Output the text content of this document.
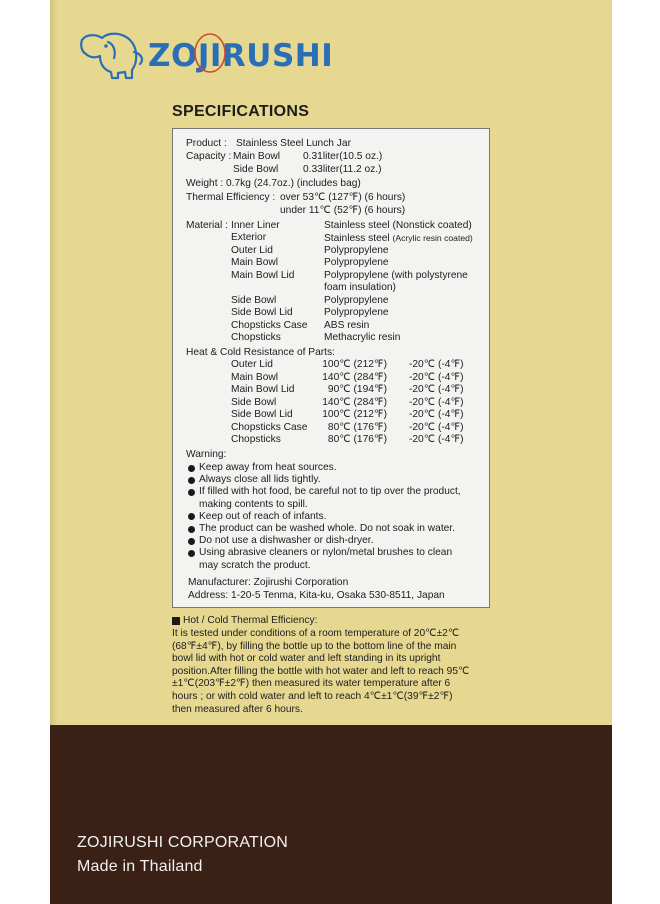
ZOJIRUSHI
SPECIFICATIONS
Product : Stainless Steel Lunch Jar
Capacity : Main Bowl 0.31liter(10.5 oz.)
Side Bowl 0.33liter(11.2 oz.)
Weight : 0.7kg (24.7oz.) (includes bag)
Thermal Efficiency : over 53℃ (127℉) (6 hours)
under 11℃ (52℉) (6 hours)
Material :
Heat & Cold Resistance of Parts:
Warning:
Manufacturer: Zojirushi Corporation
Address: 1-20-5 Tenma, Kita-ku, Osaka 530-8511, Japan
Hot / Cold Thermal Efficiency:
ZOJIRUSHI CORPORATION
Made in Thailand
Inner Liner	Stainless steel (Nonstick coated)
Exterior	Stainless steel (Acrylic resin coated)
Outer Lid	Polypropylene
Main Bowl	Polypropylene
Main Bowl Lid	Polypropylene (with polystyrene
foam insulation)
Side Bowl	Polypropylene
Side Bowl Lid	Polypropylene
Chopsticks Case ABS resin
Chopsticks	Methacrylic resin
Outer Lid	100℃ (212℉) -20℃ (-4℉)
Main Bowl	140℃ (284℉) -20℃ (-4℉)
Main Bowl Lid	90℃ (194℉) -20℃ (-4℉)
Side Bowl	140℃ (284℉) -20℃ (-4℉)
Side Bowl Lid	100℃ (212℉) -20℃ (-4℉)
Chopsticks Case	80℃ (176℉) -20℃ (-4℉)
Chopsticks	80℃ (176℉) -20℃ (-4℉)
Keep away from heat sources.
Always close all lids tightly.
If filled with hot food, be careful not to tip over the product,
making contents to spill.
Keep out of reach of infants.
The product can be washed whole. Do not soak in water.
Do not use a dishwasher or dish-dryer.
Using abrasive cleaners or nylon/metal brushes to clean
may scratch the product.
It is tested under conditions of a room temperature of 20℃±2℃
(68℉±4℉), by filling the bottle up to the bottom line of the main
bowl lid with hot or cold water and left standing in its upright
position.After filling the bottle with hot water and left to reach 95℃
±1℃(203℉±2℉) then measured its water temperature after 6
hours ; or with cold water and left to reach 4℃±1℃(39℉±2℉)
then measured after 6 hours.
